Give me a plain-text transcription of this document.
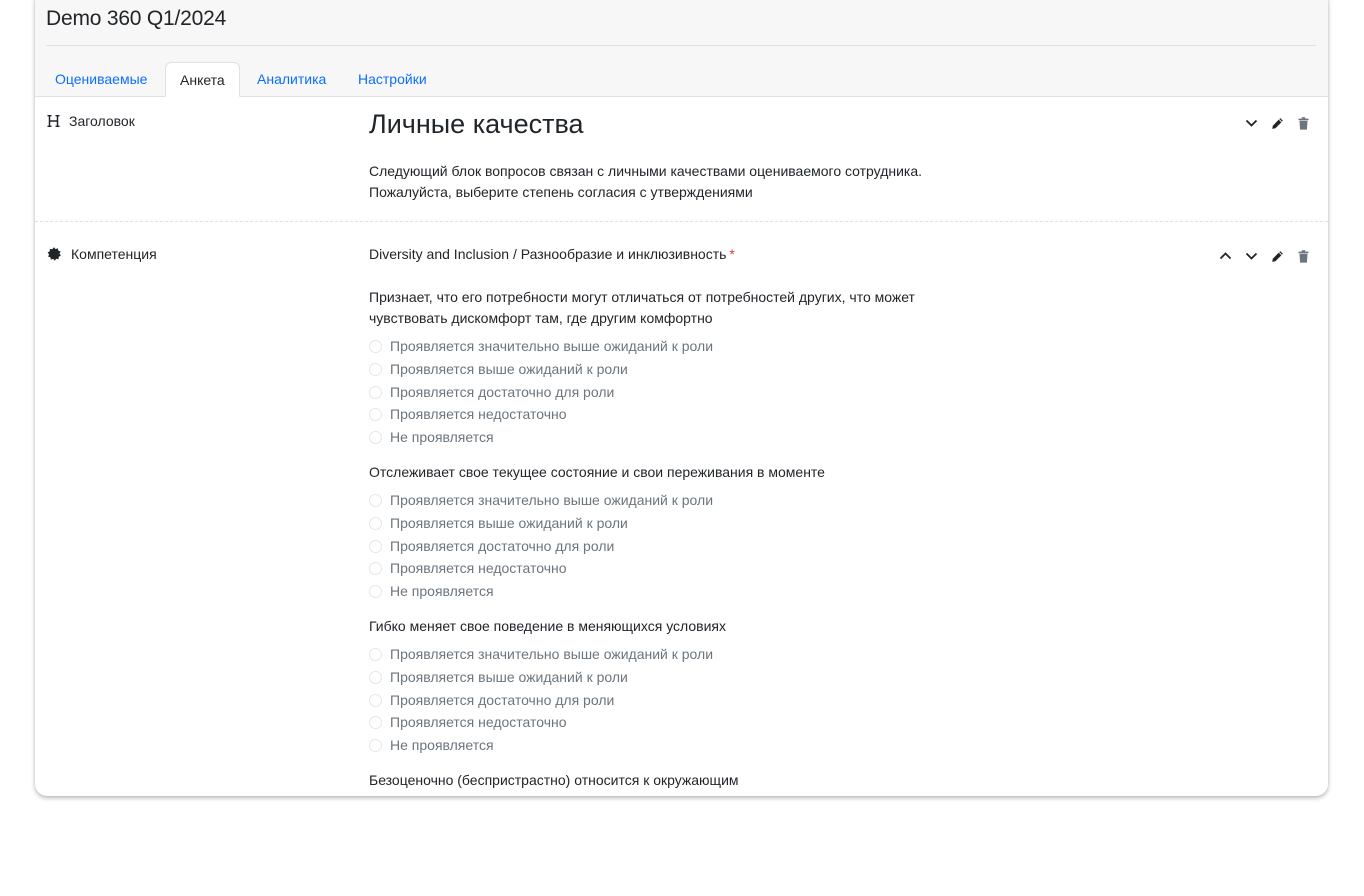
Demo 360 Q1/2024
Оцениваемые	Анкета	Аналитика	Настройки
Заголовок	Личные качества
Следующий блок вопросов связан с личными качествами оцениваемого сотрудника.
Пожалуйста, выберите степень согласия с утверждениями
Компетенция	Diversity and Inclusion / Разнообразие и инклюзивность *
Признает, что его потребности могут отличаться от потребностей других, что может
чувствовать дискомфорт там, где другим комфортно
Проявляется значительно выше ожиданий к роли
Проявляется выше ожиданий к роли
Проявляется достаточно для роли
Проявляется недостаточно
Не проявляется
Отслеживает свое текущее состояние и свои переживания в моменте
Проявляется значительно выше ожиданий к роли
Проявляется выше ожиданий к роли
Проявляется достаточно для роли
Проявляется недостаточно
Не проявляется
Гибко меняет свое поведение в меняющихся условиях
Проявляется значительно выше ожиданий к роли
Проявляется выше ожиданий к роли
Проявляется достаточно для роли
Проявляется недостаточно
Не проявляется
Безоценочно (беспристрастно) относится к окружающим
